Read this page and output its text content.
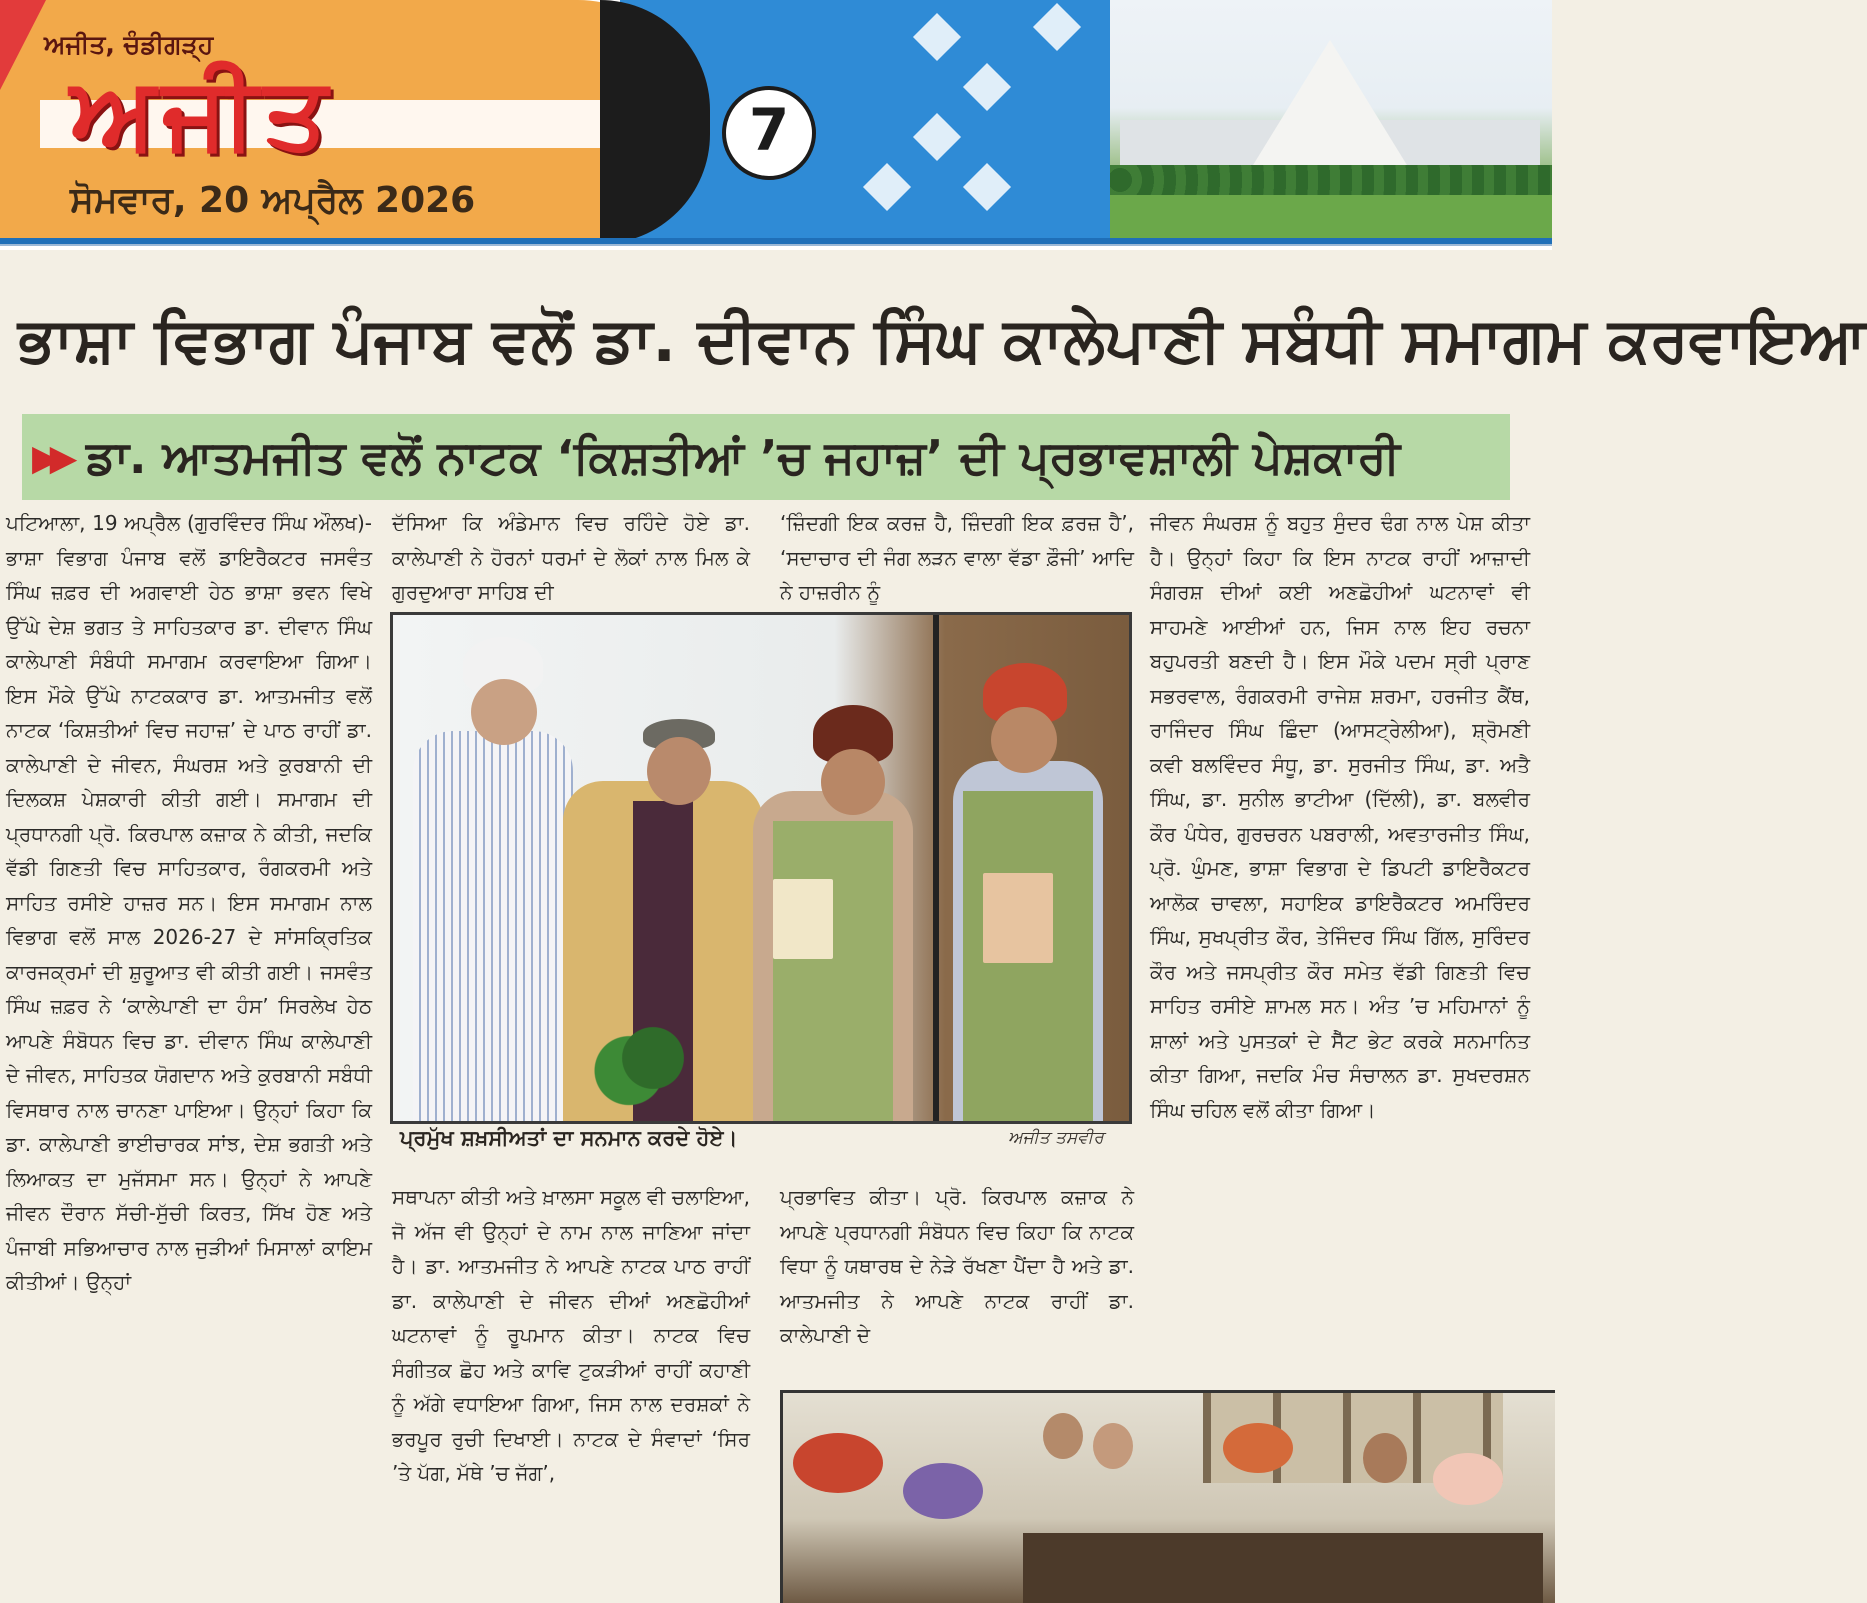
ਅਜੀਤ, ਚੰਡੀਗੜ੍ਹ
ਅਜੀਤ
ਸੋਮਵਾਰ, 20 ਅਪ੍ਰੈਲ 2026
7
ਭਾਸ਼ਾ ਵਿਭਾਗ ਪੰਜਾਬ ਵਲੋਂ ਡਾ. ਦੀਵਾਨ ਸਿੰਘ ਕਾਲੇਪਾਣੀ ਸਬੰਧੀ ਸਮਾਗਮ ਕਰਵਾਇਆ
▶▶ ਡਾ. ਆਤਮਜੀਤ ਵਲੋਂ ਨਾਟਕ ‘ਕਿਸ਼ਤੀਆਂ ’ਚ ਜਹਾਜ਼’ ਦੀ ਪ੍ਰਭਾਵਸ਼ਾਲੀ ਪੇਸ਼ਕਾਰੀ
ਪਟਿਆਲਾ, 19 ਅਪ੍ਰੈਲ (ਗੁਰਵਿੰਦਰ ਸਿੰਘ ਔਲਖ)-ਭਾਸ਼ਾ ਵਿਭਾਗ ਪੰਜਾਬ ਵਲੋਂ ਡਾਇਰੈਕਟਰ ਜਸਵੰਤ ਸਿੰਘ ਜ਼ਫ਼ਰ ਦੀ ਅਗਵਾਈ ਹੇਠ ਭਾਸ਼ਾ ਭਵਨ ਵਿਖੇ ਉੱਘੇ ਦੇਸ਼ ਭਗਤ ਤੇ ਸਾਹਿਤਕਾਰ ਡਾ. ਦੀਵਾਨ ਸਿੰਘ ਕਾਲੇਪਾਣੀ ਸੰਬੰਧੀ ਸਮਾਗਮ ਕਰਵਾਇਆ ਗਿਆ। ਇਸ ਮੌਕੇ ਉੱਘੇ ਨਾਟਕਕਾਰ ਡਾ. ਆਤਮਜੀਤ ਵਲੋਂ ਨਾਟਕ ‘ਕਿਸ਼ਤੀਆਂ ਵਿਚ ਜਹਾਜ਼’ ਦੇ ਪਾਠ ਰਾਹੀਂ ਡਾ. ਕਾਲੇਪਾਣੀ ਦੇ ਜੀਵਨ, ਸੰਘਰਸ਼ ਅਤੇ ਕੁਰਬਾਨੀ ਦੀ ਦਿਲਕਸ਼ ਪੇਸ਼ਕਾਰੀ ਕੀਤੀ ਗਈ। ਸਮਾਗਮ ਦੀ ਪ੍ਰਧਾਨਗੀ ਪ੍ਰੋ. ਕਿਰਪਾਲ ਕਜ਼ਾਕ ਨੇ ਕੀਤੀ, ਜਦਕਿ ਵੱਡੀ ਗਿਣਤੀ ਵਿਚ ਸਾਹਿਤਕਾਰ, ਰੰਗਕਰਮੀ ਅਤੇ ਸਾਹਿਤ ਰਸੀਏ ਹਾਜ਼ਰ ਸਨ। ਇਸ ਸਮਾਗਮ ਨਾਲ ਵਿਭਾਗ ਵਲੋਂ ਸਾਲ 2026-27 ਦੇ ਸਾਂਸਕ੍ਰਿਤਿਕ ਕਾਰਜਕ੍ਰਮਾਂ ਦੀ ਸ਼ੁਰੂਆਤ ਵੀ ਕੀਤੀ ਗਈ। ਜਸਵੰਤ ਸਿੰਘ ਜ਼ਫ਼ਰ ਨੇ ‘ਕਾਲੇਪਾਣੀ ਦਾ ਹੰਸ’ ਸਿਰਲੇਖ ਹੇਠ ਆਪਣੇ ਸੰਬੋਧਨ ਵਿਚ ਡਾ. ਦੀਵਾਨ ਸਿੰਘ ਕਾਲੇਪਾਣੀ ਦੇ ਜੀਵਨ, ਸਾਹਿਤਕ ਯੋਗਦਾਨ ਅਤੇ ਕੁਰਬਾਨੀ ਸਬੰਧੀ ਵਿਸਥਾਰ ਨਾਲ ਚਾਨਣਾ ਪਾਇਆ। ਉਨ੍ਹਾਂ ਕਿਹਾ ਕਿ ਡਾ. ਕਾਲੇਪਾਣੀ ਭਾਈਚਾਰਕ ਸਾਂਝ, ਦੇਸ਼ ਭਗਤੀ ਅਤੇ ਲਿਆਕਤ ਦਾ ਮੁਜੱਸਮਾ ਸਨ। ਉਨ੍ਹਾਂ ਨੇ ਆਪਣੇ ਜੀਵਨ ਦੌਰਾਨ ਸੱਚੀ-ਸੁੱਚੀ ਕਿਰਤ, ਸਿੱਖ ਹੋਣ ਅਤੇ ਪੰਜਾਬੀ ਸਭਿਆਚਾਰ ਨਾਲ ਜੁੜੀਆਂ ਮਿਸਾਲਾਂ ਕਾਇਮ ਕੀਤੀਆਂ। ਉਨ੍ਹਾਂ
ਦੱਸਿਆ ਕਿ ਅੰਡੇਮਾਨ ਵਿਚ ਰਹਿੰਦੇ ਹੋਏ ਡਾ. ਕਾਲੇਪਾਣੀ ਨੇ ਹੋਰਨਾਂ ਧਰਮਾਂ ਦੇ ਲੋਕਾਂ ਨਾਲ ਮਿਲ ਕੇ ਗੁਰਦੁਆਰਾ ਸਾਹਿਬ ਦੀ
‘ਜ਼ਿੰਦਗੀ ਇਕ ਕਰਜ਼ ਹੈ, ਜ਼ਿੰਦਗੀ ਇਕ ਫ਼ਰਜ਼ ਹੈ’, ‘ਸਦਾਚਾਰ ਦੀ ਜੰਗ ਲੜਨ ਵਾਲਾ ਵੱਡਾ ਫ਼ੌਜੀ’ ਆਦਿ ਨੇ ਹਾਜ਼ਰੀਨ ਨੂੰ
ਜੀਵਨ ਸੰਘਰਸ਼ ਨੂੰ ਬਹੁਤ ਸੁੰਦਰ ਢੰਗ ਨਾਲ ਪੇਸ਼ ਕੀਤਾ ਹੈ। ਉਨ੍ਹਾਂ ਕਿਹਾ ਕਿ ਇਸ ਨਾਟਕ ਰਾਹੀਂ ਆਜ਼ਾਦੀ ਸੰਗਰਸ਼ ਦੀਆਂ ਕਈ ਅਣਛੋਹੀਆਂ ਘਟਨਾਵਾਂ ਵੀ ਸਾਹਮਣੇ ਆਈਆਂ ਹਨ, ਜਿਸ ਨਾਲ ਇਹ ਰਚਨਾ ਬਹੁਪਰਤੀ ਬਣਦੀ ਹੈ। ਇਸ ਮੌਕੇ ਪਦਮ ਸ੍ਰੀ ਪ੍ਰਾਣ ਸਭਰਵਾਲ, ਰੰਗਕਰਮੀ ਰਾਜੇਸ਼ ਸ਼ਰਮਾ, ਹਰਜੀਤ ਕੈਂਥ, ਰਾਜਿੰਦਰ ਸਿੰਘ ਛਿੰਦਾ (ਆਸਟ੍ਰੇਲੀਆ), ਸ਼੍ਰੋਮਣੀ ਕਵੀ ਬਲਵਿੰਦਰ ਸੰਧੂ, ਡਾ. ਸੁਰਜੀਤ ਸਿੰਘ, ਡਾ. ਅਤੈ ਸਿੰਘ, ਡਾ. ਸੁਨੀਲ ਭਾਟੀਆ (ਦਿੱਲੀ), ਡਾ. ਬਲਵੀਰ ਕੌਰ ਪੰਧੇਰ, ਗੁਰਚਰਨ ਪਬਰਾਲੀ, ਅਵਤਾਰਜੀਤ ਸਿੰਘ, ਪ੍ਰੋ. ਘੁੰਮਣ, ਭਾਸ਼ਾ ਵਿਭਾਗ ਦੇ ਡਿਪਟੀ ਡਾਇਰੈਕਟਰ ਆਲੋਕ ਚਾਵਲਾ, ਸਹਾਇਕ ਡਾਇਰੈਕਟਰ ਅਮਰਿੰਦਰ ਸਿੰਘ, ਸੁਖਪ੍ਰੀਤ ਕੌਰ, ਤੇਜਿੰਦਰ ਸਿੰਘ ਗਿੱਲ, ਸੁਰਿੰਦਰ ਕੌਰ ਅਤੇ ਜਸਪ੍ਰੀਤ ਕੌਰ ਸਮੇਤ ਵੱਡੀ ਗਿਣਤੀ ਵਿਚ ਸਾਹਿਤ ਰਸੀਏ ਸ਼ਾਮਲ ਸਨ। ਅੰਤ ’ਚ ਮਹਿਮਾਨਾਂ ਨੂੰ ਸ਼ਾਲਾਂ ਅਤੇ ਪੁਸਤਕਾਂ ਦੇ ਸੈੱਟ ਭੇਟ ਕਰਕੇ ਸਨਮਾਨਿਤ ਕੀਤਾ ਗਿਆ, ਜਦਕਿ ਮੰਚ ਸੰਚਾਲਨ ਡਾ. ਸੁਖਦਰਸ਼ਨ ਸਿੰਘ ਚਹਿਲ ਵਲੋਂ ਕੀਤਾ ਗਿਆ।
ਪ੍ਰਮੁੱਖ ਸ਼ਖ਼ਸੀਅਤਾਂ ਦਾ ਸਨਮਾਨ ਕਰਦੇ ਹੋਏ।	ਅਜੀਤ ਤਸਵੀਰ
ਸਥਾਪਨਾ ਕੀਤੀ ਅਤੇ ਖ਼ਾਲਸਾ ਸਕੂਲ ਵੀ ਚਲਾਇਆ, ਜੋ ਅੱਜ ਵੀ ਉਨ੍ਹਾਂ ਦੇ ਨਾਮ ਨਾਲ ਜਾਣਿਆ ਜਾਂਦਾ ਹੈ। ਡਾ. ਆਤਮਜੀਤ ਨੇ ਆਪਣੇ ਨਾਟਕ ਪਾਠ ਰਾਹੀਂ ਡਾ. ਕਾਲੇਪਾਣੀ ਦੇ ਜੀਵਨ ਦੀਆਂ ਅਣਛੋਹੀਆਂ ਘਟਨਾਵਾਂ ਨੂੰ ਰੂਪਮਾਨ ਕੀਤਾ। ਨਾਟਕ ਵਿਚ ਸੰਗੀਤਕ ਛੋਹ ਅਤੇ ਕਾਵਿ ਟੁਕੜੀਆਂ ਰਾਹੀਂ ਕਹਾਣੀ ਨੂੰ ਅੱਗੇ ਵਧਾਇਆ ਗਿਆ, ਜਿਸ ਨਾਲ ਦਰਸ਼ਕਾਂ ਨੇ ਭਰਪੂਰ ਰੁਚੀ ਦਿਖਾਈ। ਨਾਟਕ ਦੇ ਸੰਵਾਦਾਂ ‘ਸਿਰ ’ਤੇ ਪੱਗ, ਮੱਥੇ ’ਚ ਜੱਗ’,
ਪ੍ਰਭਾਵਿਤ ਕੀਤਾ। ਪ੍ਰੋ. ਕਿਰਪਾਲ ਕਜ਼ਾਕ ਨੇ ਆਪਣੇ ਪ੍ਰਧਾਨਗੀ ਸੰਬੋਧਨ ਵਿਚ ਕਿਹਾ ਕਿ ਨਾਟਕ ਵਿਧਾ ਨੂੰ ਯਥਾਰਥ ਦੇ ਨੇੜੇ ਰੱਖਣਾ ਪੈਂਦਾ ਹੈ ਅਤੇ ਡਾ. ਆਤਮਜੀਤ ਨੇ ਆਪਣੇ ਨਾਟਕ ਰਾਹੀਂ ਡਾ. ਕਾਲੇਪਾਣੀ ਦੇ
